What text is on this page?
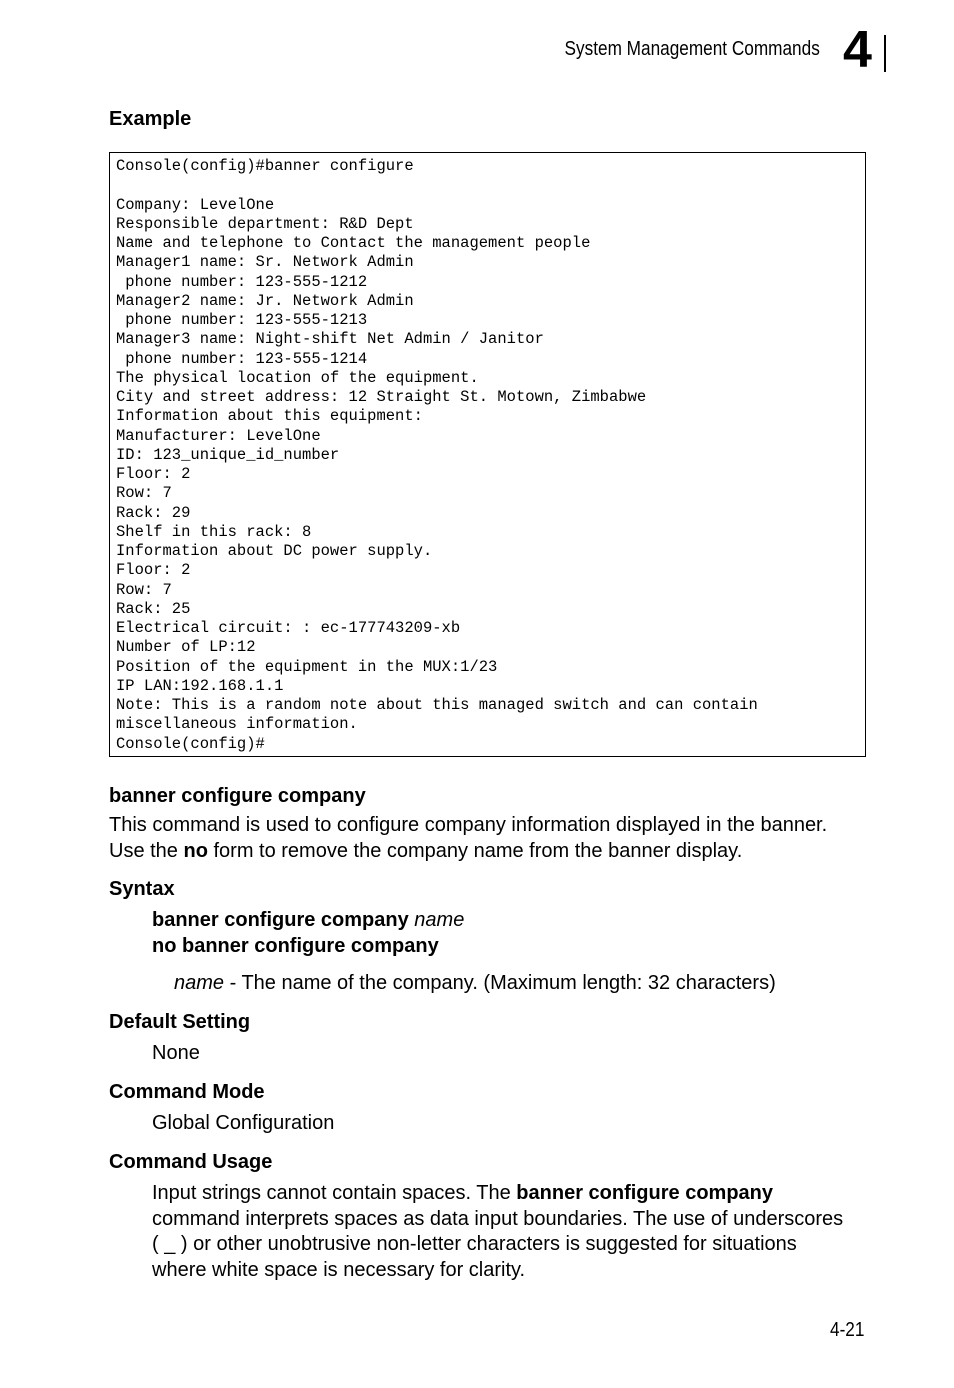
System Management Commands 4
Example
Console(config)#banner configure
Company: LevelOne
Responsible department: R&D Dept
Name and telephone to Contact the management people
Manager1 name: Sr. Network Admin
phone number: 123-555-1212
Manager2 name: Jr. Network Admin
phone number: 123-555-1213
Manager3 name: Night-shift Net Admin / Janitor
phone number: 123-555-1214
The physical location of the equipment.
City and street address: 12 Straight St. Motown, Zimbabwe
Information about this equipment:
Manufacturer: LevelOne
ID: 123_unique_id_number
Floor: 2
Row: 7
Rack: 29
Shelf in this rack: 8
Information about DC power supply.
Floor: 2
Row: 7
Rack: 25
Electrical circuit: : ec-177743209-xb
Number of LP:12
Position of the equipment in the MUX:1/23
IP LAN:192.168.1.1
Note: This is a random note about this managed switch and can contain
miscellaneous information.
Console(config)#
banner configure company
This command is used to configure company information displayed in the banner.
Use the no form to remove the company name from the banner display.
Syntax
banner configure company name
no banner configure company
name - The name of the company. (Maximum length: 32 characters)
Default Setting
None
Command Mode
Global Configuration
Command Usage
Input strings cannot contain spaces. The banner configure company
command interprets spaces as data input boundaries. The use of underscores
( _ ) or other unobtrusive non-letter characters is suggested for situations
where white space is necessary for clarity.
4-21
